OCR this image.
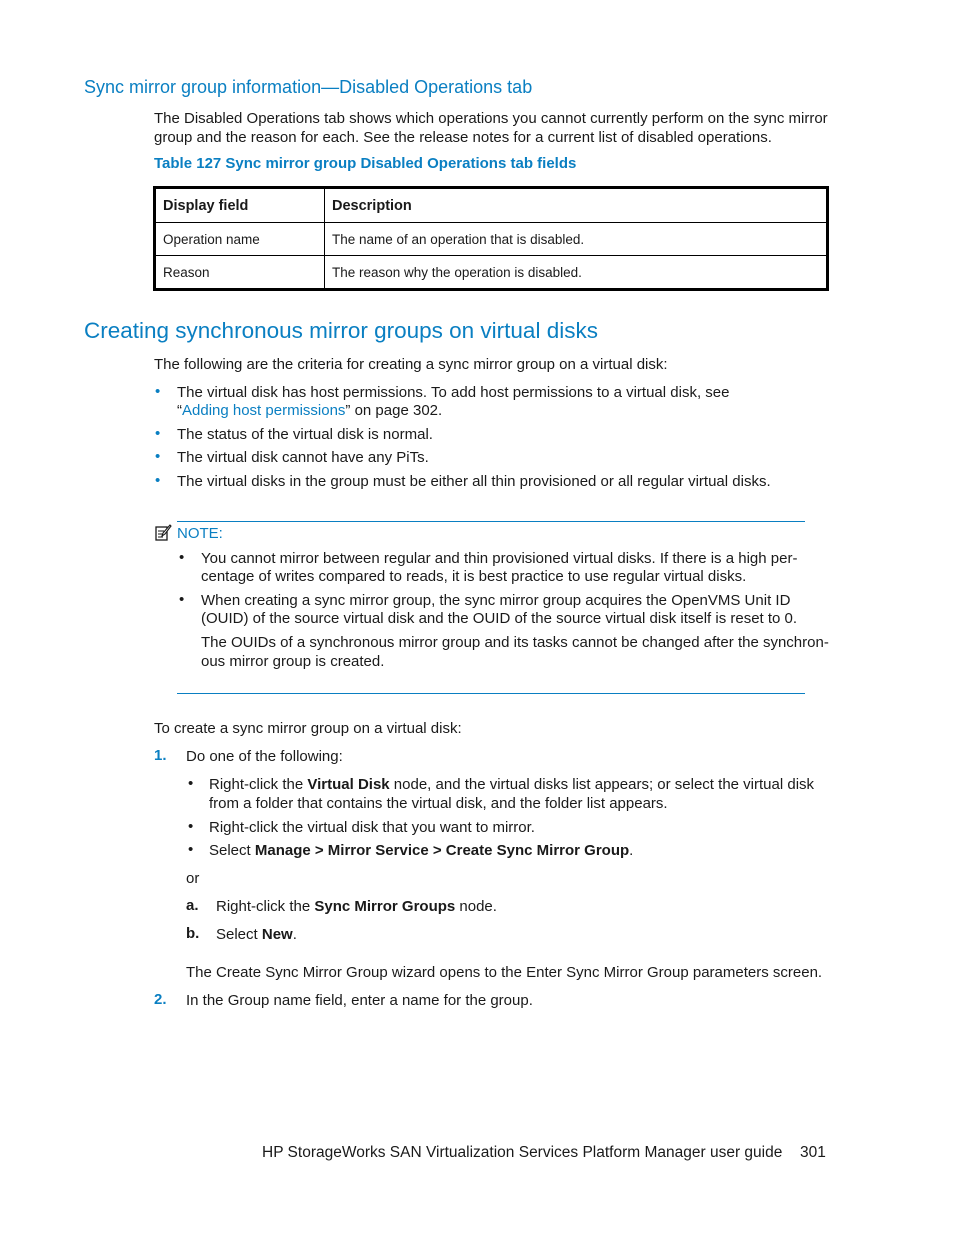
Sync mirror group information—Disabled Operations tab
The Disabled Operations tab shows which operations you cannot currently perform on the sync mirror
group and the reason for each. See the release notes for a current list of disabled operations.
Table 127 Sync mirror group Disabled Operations tab fields
Display field	Description
Operation name	The name of an operation that is disabled.
Reason	The reason why the operation is disabled.
Creating synchronous mirror groups on virtual disks
The following are the criteria for creating a sync mirror group on a virtual disk:
• The virtual disk has host permissions. To add host permissions to a virtual disk, see
“Adding host permissions” on page 302.
• The status of the virtual disk is normal.
• The virtual disk cannot have any PiTs.
• The virtual disks in the group must be either all thin provisioned or all regular virtual disks.
NOTE:
• You cannot mirror between regular and thin provisioned virtual disks. If there is a high per-
centage of writes compared to reads, it is best practice to use regular virtual disks.
• When creating a sync mirror group, the sync mirror group acquires the OpenVMS Unit ID
(OUID) of the source virtual disk and the OUID of the source virtual disk itself is reset to 0.
The OUIDs of a synchronous mirror group and its tasks cannot be changed after the synchron-
ous mirror group is created.
To create a sync mirror group on a virtual disk:
1. Do one of the following:
• Right-click the Virtual Disk node, and the virtual disks list appears; or select the virtual disk
from a folder that contains the virtual disk, and the folder list appears.
• Right-click the virtual disk that you want to mirror.
• Select Manage > Mirror Service > Create Sync Mirror Group.
or
a. Right-click the Sync Mirror Groups node.
b. Select New.
The Create Sync Mirror Group wizard opens to the Enter Sync Mirror Group parameters screen.
2. In the Group name field, enter a name for the group.
HP StorageWorks SAN Virtualization Services Platform Manager user guide 301
